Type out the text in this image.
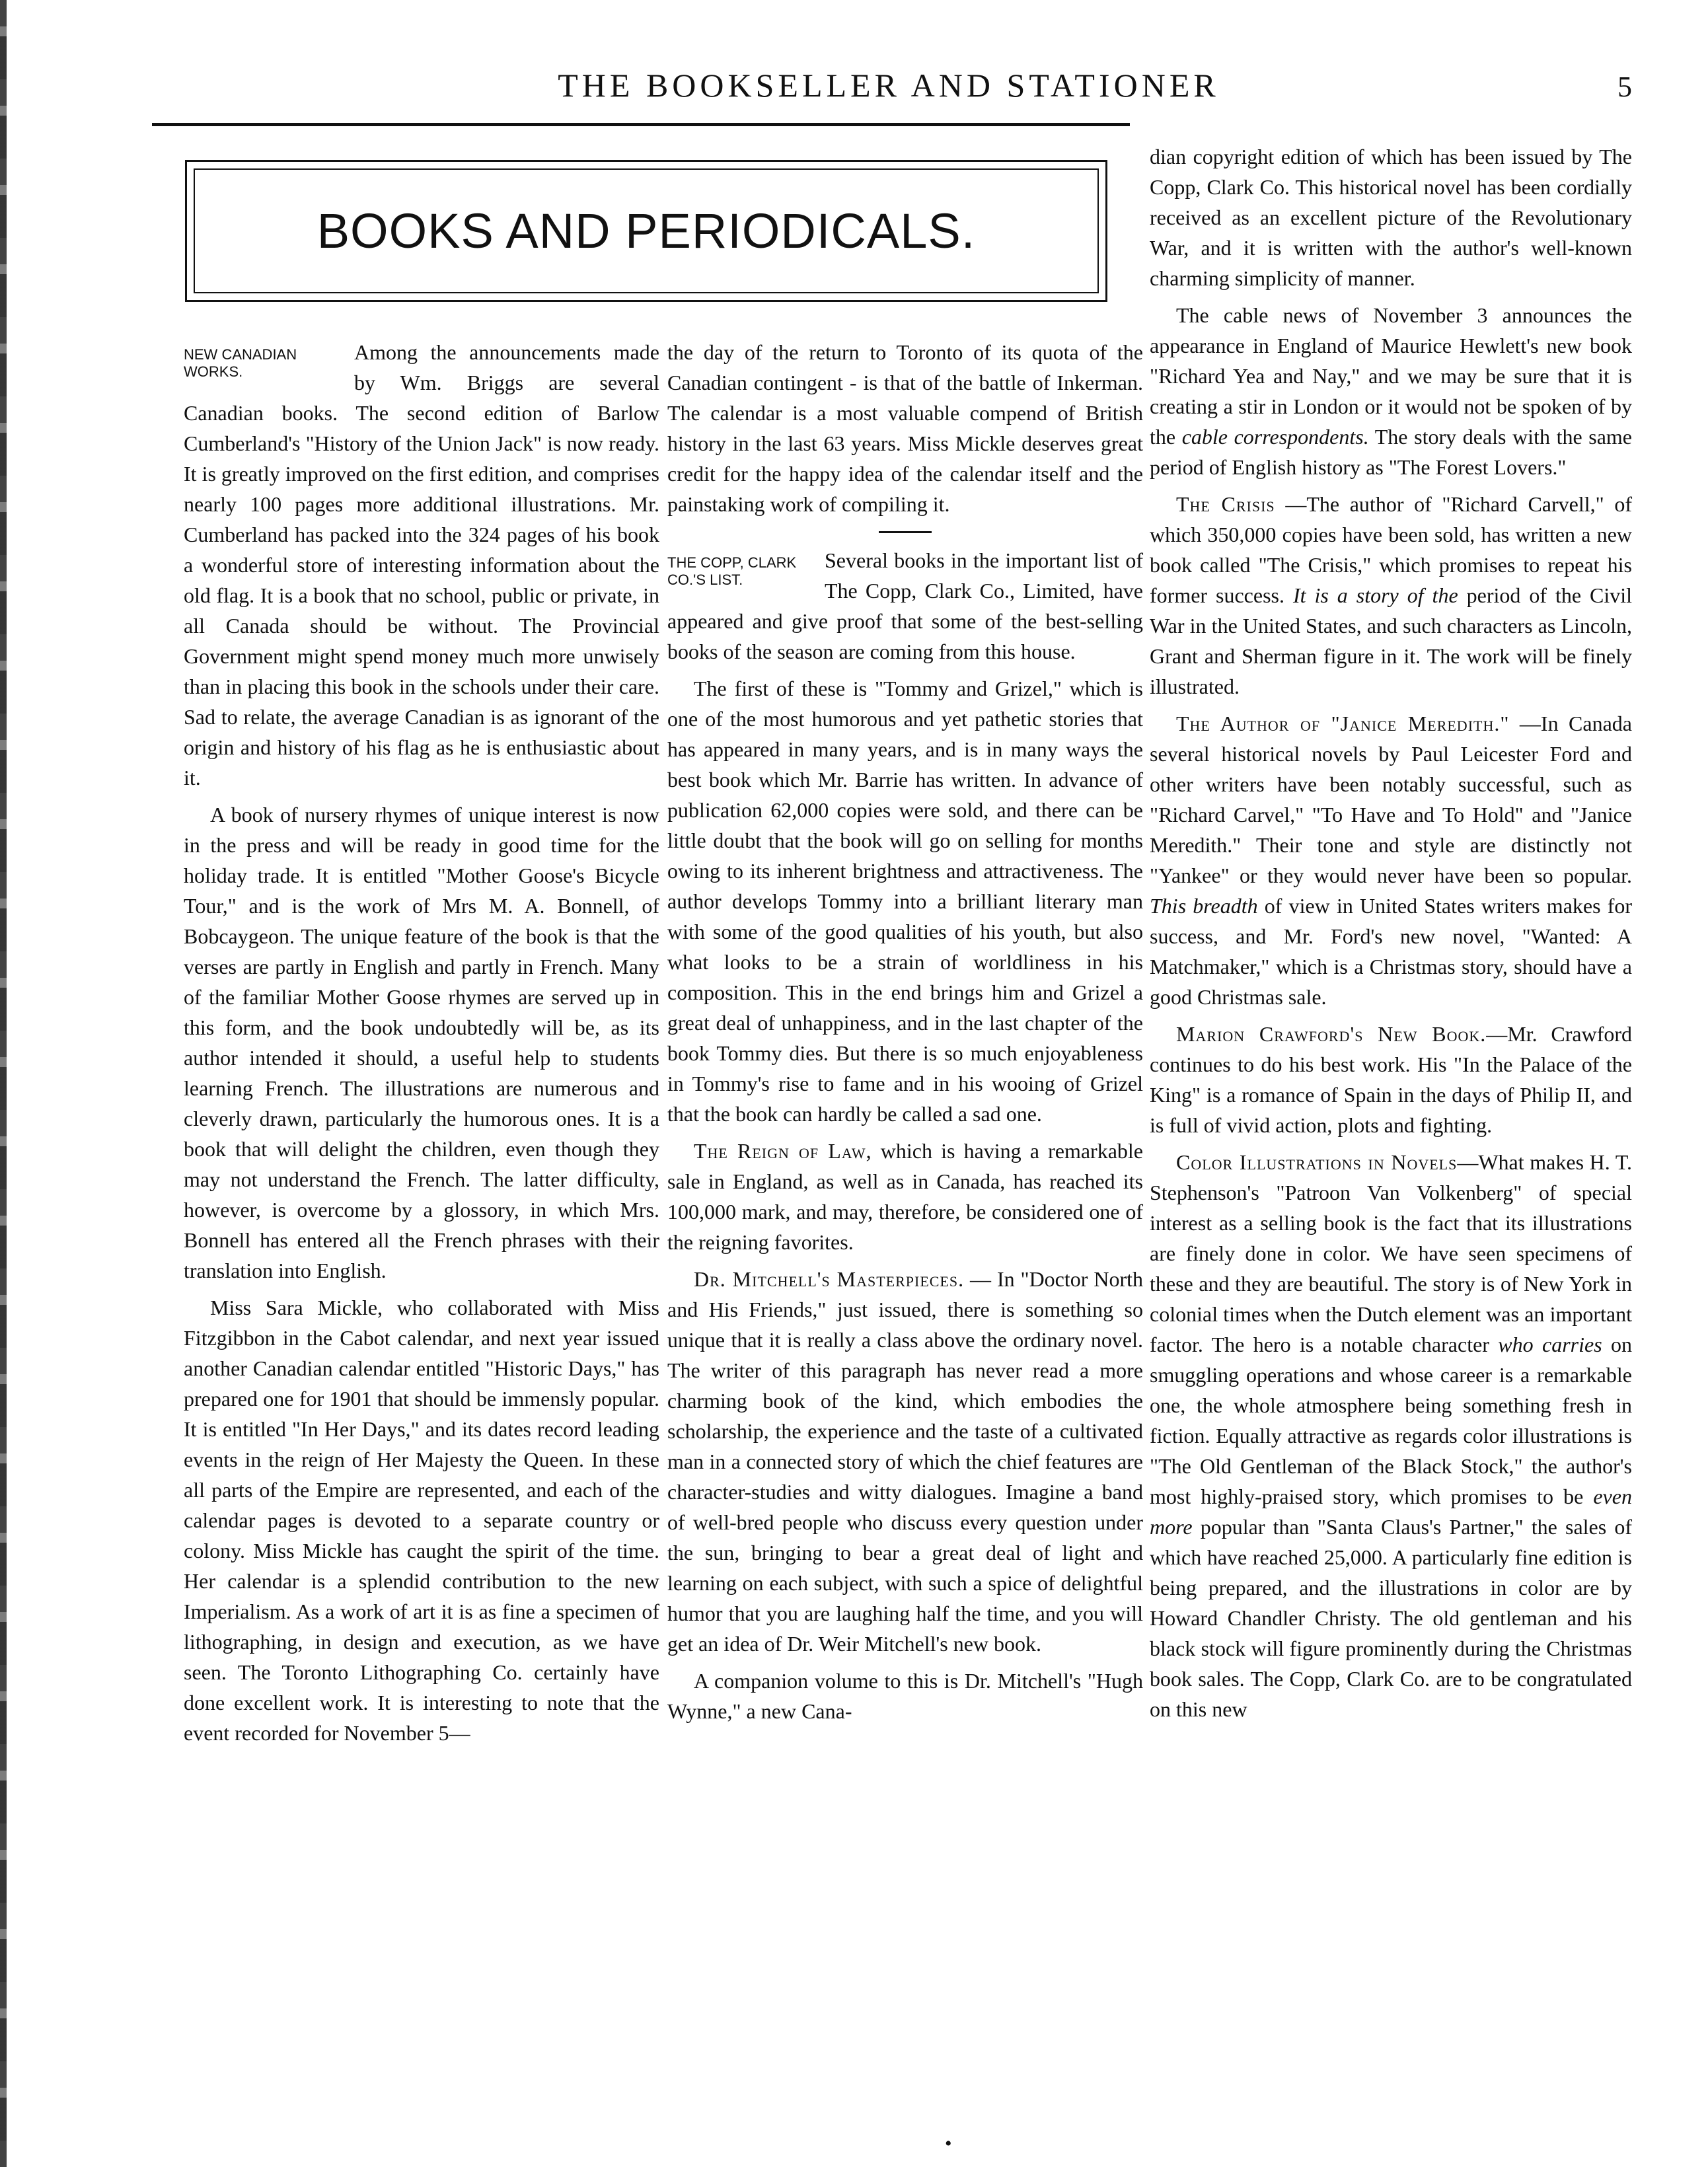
THE BOOKSELLER AND STATIONER	5
BOOKS AND PERIODICALS.
NEW CANADIAN WORKS.

Among the announcements made by Wm. Briggs are several Canadian books. The second edition of Barlow Cumberland's "History of the Union Jack" is now ready. It is greatly improved on the first edition, and comprises nearly 100 pages more additional illustrations. Mr. Cumberland has packed into the 324 pages of his book a wonderful store of interesting information about the old flag. It is a book that no school, public or private, in all Canada should be without. The Provincial Government might spend money much more unwisely than in placing this book in the schools under their care. Sad to relate, the average Canadian is as ignorant of the origin and history of his flag as he is enthusiastic about it.

A book of nursery rhymes of unique interest is now in the press and will be ready in good time for the holiday trade. It is entitled "Mother Goose's Bicycle Tour," and is the work of Mrs M. A. Bonnell, of Bobcaygeon. The unique feature of the book is that the verses are partly in English and partly in French. Many of the familiar Mother Goose rhymes are served up in this form, and the book undoubtedly will be, as its author intended it should, a useful help to students learning French. The illustrations are numerous and cleverly drawn, particularly the humorous ones. It is a book that will delight the children, even though they may not understand the French. The latter difficulty, however, is overcome by a glossory, in which Mrs. Bonnell has entered all the French phrases with their translation into English.

Miss Sara Mickle, who collaborated with Miss Fitzgibbon in the Cabot calendar, and next year issued another Canadian calendar entitled "Historic Days," has prepared one for 1901 that should be immensly popular. It is entitled "In Her Days," and its dates record leading events in the reign of Her Majesty the Queen. In these all parts of the Empire are represented, and each of the calendar pages is devoted to a separate country or colony. Miss Mickle has caught the spirit of the time. Her calendar is a splendid contribution to the new Imperialism. As a work of art it is as fine a specimen of lithographing, in design and execution, as we have seen. The Toronto Lithographing Co. certainly have done excellent work. It is interesting to note that the event recorded for November 5—

the day of the return to Toronto of its quota of the Canadian contingent - is that of the battle of Inkerman. The calendar is a most valuable compend of British history in the last 63 years. Miss Mickle deserves great credit for the happy idea of the calendar itself and the painstaking work of compiling it.

THE COPP, CLARK CO.'S LIST.

Several books in the important list of The Copp, Clark Co., Limited, have appeared and give proof that some of the best-selling books of the season are coming from this house.

The first of these is "Tommy and Grizel," which is one of the most humorous and yet pathetic stories that has appeared in many years, and is in many ways the best book which Mr. Barrie has written. In advance of publication 62,000 copies were sold, and there can be little doubt that the book will go on selling for months owing to its inherent brightness and attractiveness. The author develops Tommy into a brilliant literary man with some of the good qualities of his youth, but also what looks to be a strain of worldliness in his composition. This in the end brings him and Grizel a great deal of unhappiness, and in the last chapter of the book Tommy dies. But there is so much enjoyableness in Tommy's rise to fame and in his wooing of Grizel that the book can hardly be called a sad one.

The Reign of Law, which is having a remarkable sale in England, as well as in Canada, has reached its 100,000 mark, and may, therefore, be considered one of the reigning favorites.

Dr. Mitchell's Masterpieces. — In "Doctor North and His Friends," just issued, there is something so unique that it is really a class above the ordinary novel. The writer of this paragraph has never read a more charming book of the kind, which embodies the scholarship, the experience and the taste of a cultivated man in a connected story of which the chief features are character-studies and witty dialogues. Imagine a band of well-bred people who discuss every question under the sun, bringing to bear a great deal of light and learning on each subject, with such a spice of delightful humor that you are laughing half the time, and you will get an idea of Dr. Weir Mitchell's new book.

A companion volume to this is Dr. Mitchell's "Hugh Wynne," a new Cana-

dian copyright edition of which has been issued by The Copp, Clark Co. This historical novel has been cordially received as an excellent picture of the Revolutionary War, and it is written with the author's well-known charming simplicity of manner.

The cable news of November 3 announces the appearance in England of Maurice Hewlett's new book "Richard Yea and Nay," and we may be sure that it is creating a stir in London or it would not be spoken of by the cable correspondents. The story deals with the same period of English history as "The Forest Lovers."

The Crisis —The author of "Richard Carvell," of which 350,000 copies have been sold, has written a new book called "The Crisis," which promises to repeat his former success. It is a story of the period of the Civil War in the United States, and such characters as Lincoln, Grant and Sherman figure in it. The work will be finely illustrated.

The Author of "Janice Meredith." —In Canada several historical novels by Paul Leicester Ford and other writers have been notably successful, such as "Richard Carvel," "To Have and To Hold" and "Janice Meredith." Their tone and style are distinctly not "Yankee" or they would never have been so popular. This breadth of view in United States writers makes for success, and Mr. Ford's new novel, "Wanted: A Matchmaker," which is a Christmas story, should have a good Christmas sale.

Marion Crawford's New Book.—Mr. Crawford continues to do his best work. His "In the Palace of the King" is a romance of Spain in the days of Philip II, and is full of vivid action, plots and fighting.

Color Illustrations in Novels—What makes H. T. Stephenson's "Patroon Van Volkenberg" of special interest as a selling book is the fact that its illustrations are finely done in color. We have seen specimens of these and they are beautiful. The story is of New York in colonial times when the Dutch element was an important factor. The hero is a notable character who carries on smuggling operations and whose career is a remarkable one, the whole atmosphere being something fresh in fiction. Equally attractive as regards color illustrations is "The Old Gentleman of the Black Stock," the author's most highly-praised story, which promises to be even more popular than "Santa Claus's Partner," the sales of which have reached 25,000. A particularly fine edition is being prepared, and the illustrations in color are by Howard Chandler Christy. The old gentleman and his black stock will figure prominently during the Christmas book sales. The Copp, Clark Co. are to be congratulated on this new

•
